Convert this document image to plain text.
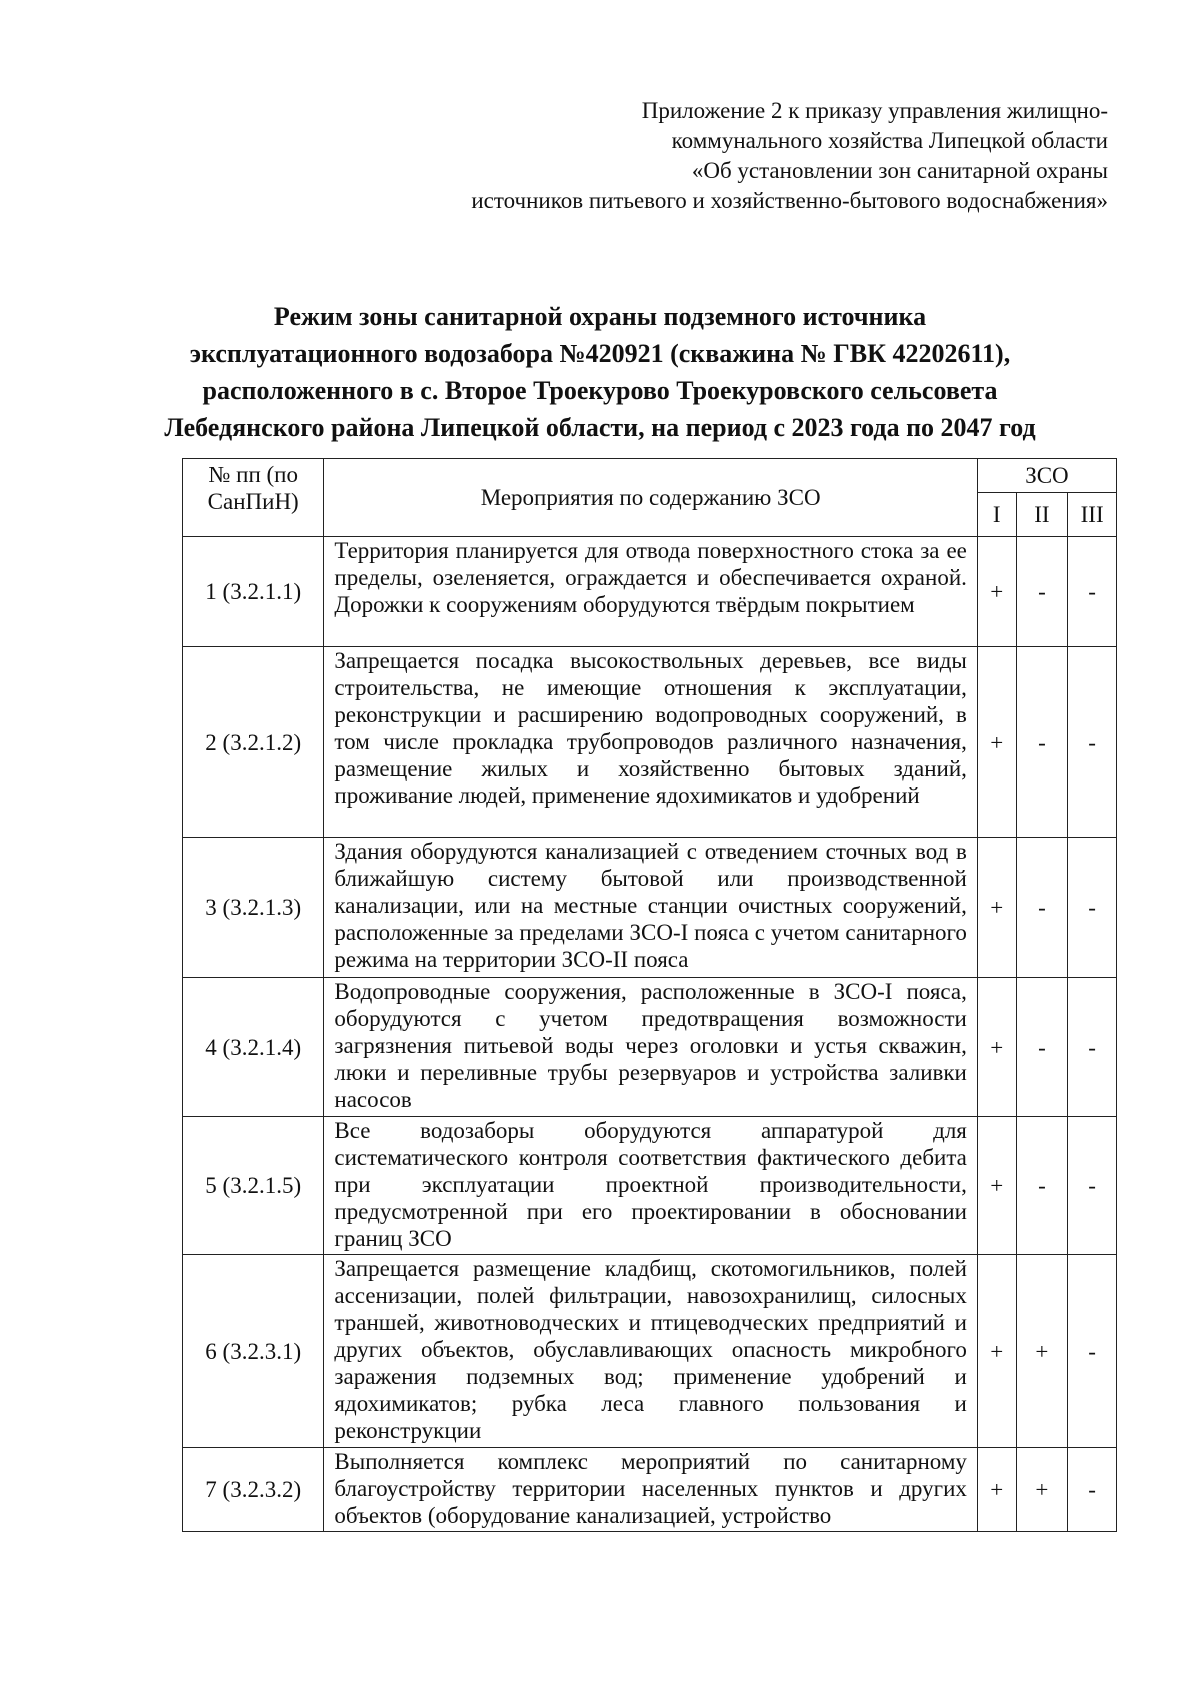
Приложение 2 к приказу управления жилищно-
коммунального хозяйства Липецкой области
«Об установлении зон санитарной охраны
источников питьевого и хозяйственно-бытового водоснабжения»
Режим зоны санитарной охраны подземного источника
эксплуатационного водозабора №420921 (скважина № ГВК 42202611),
расположенного в с. Второе Троекурово Троекуровского сельсовета
Лебедянского района Липецкой области, на период с 2023 года по 2047 год
№ пп (по СанПиН)	Мероприятия по содержанию ЗСО	ЗСО		
		I	II	III
1 (3.2.1.1)	Территория планируется для отвода поверхностного стока за ее пределы, озеленяется, ограждается и обеспечивается охраной. Дорожки к сооружениям оборудуются твёрдым покрытием	+	-	-
2 (3.2.1.2)	Запрещается посадка высокоствольных деревьев, все виды строительства, не имеющие отношения к эксплуатации, реконструкции и расширению водопроводных сооружений, в том числе прокладка трубопроводов различного назначения, размещение жилых и хозяйственно бытовых зданий, проживание людей, применение ядохимикатов и удобрений	+	-	-
3 (3.2.1.3)	Здания оборудуются канализацией с отведением сточных вод в ближайшую систему бытовой или производственной канализации, или на местные станции очистных сооружений, расположенные за пределами ЗСО-I пояса с учетом санитарного режима на территории ЗСО-II пояса	+	-	-
4 (3.2.1.4)	Водопроводные сооружения, расположенные в ЗСО-I пояса, оборудуются с учетом предотвращения возможности загрязнения питьевой воды через оголовки и устья скважин, люки и переливные трубы резервуаров и устройства заливки насосов	+	-	-
5 (3.2.1.5)	Все водозаборы оборудуются аппаратурой для систематического контроля соответствия фактического дебита при эксплуатации проектной производительности, предусмотренной при его проектировании в обосновании границ ЗСО	+	-	-
6 (3.2.3.1)	Запрещается размещение кладбищ, скотомогильников, полей ассенизации, полей фильтрации, навозохранилищ, силосных траншей, животноводческих и птицеводческих предприятий и других объектов, обуславливающих опасность микробного заражения подземных вод; применение удобрений и ядохимикатов; рубка леса главного пользования и реконструкции	+	+	-
7 (3.2.3.2)	Выполняется комплекс мероприятий по санитарному благоустройству территории населенных пунктов и других объектов (оборудование канализацией, устройство	+	+	-
